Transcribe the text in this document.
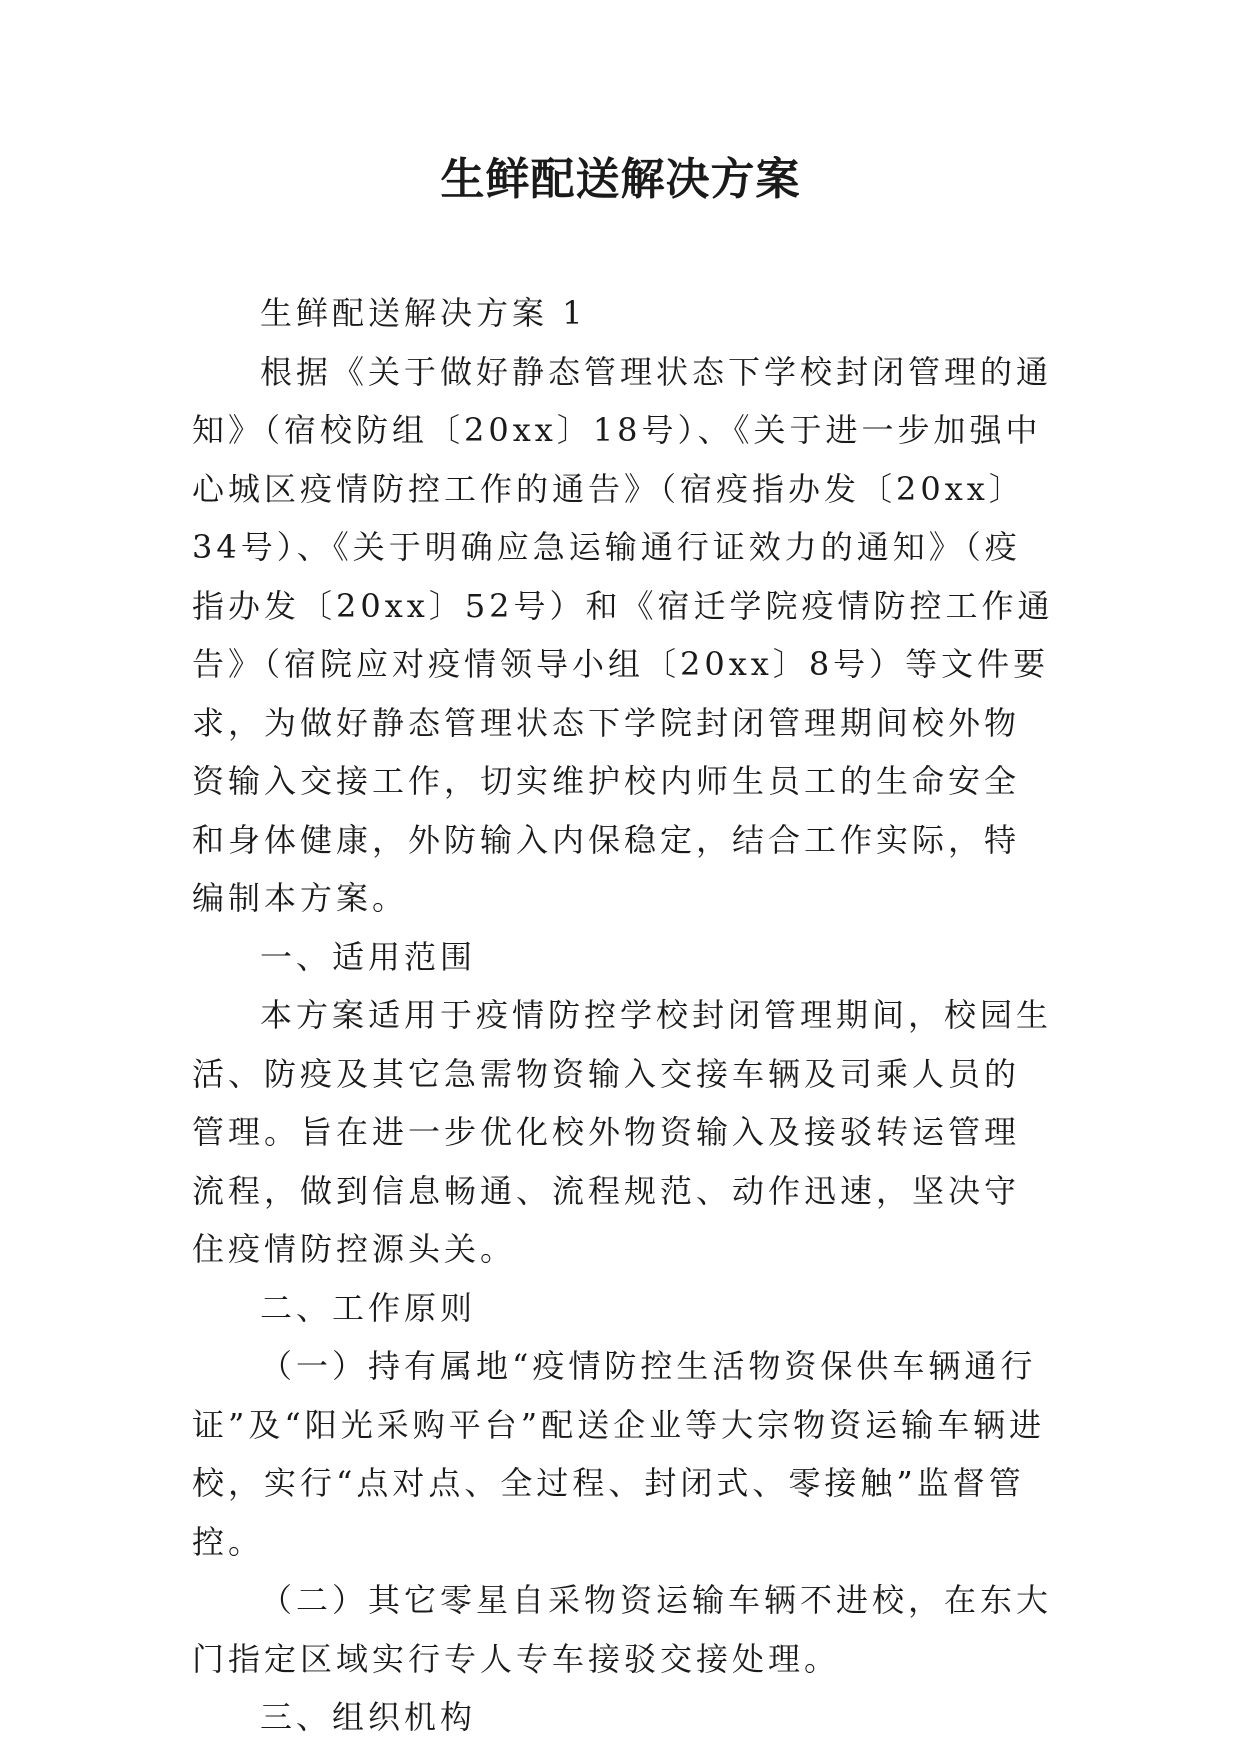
生鲜配送解决方案

生鲜配送解决方案 1

根据《关于做好静态管理状态下学校封闭管理的通知》（宿校防组〔20xx〕18号）、《关于进一步加强中心城区疫情防控工作的通告》（宿疫指办发〔20xx〕34号）、《关于明确应急运输通行证效力的通知》（疫指办发〔20xx〕52号）和《宿迁学院疫情防控工作通告》（宿院应对疫情领导小组〔20xx〕8号）等文件要求，为做好静态管理状态下学院封闭管理期间校外物资输入交接工作，切实维护校内师生员工的生命安全和身体健康，外防输入内保稳定，结合工作实际，特编制本方案。

一、适用范围

本方案适用于疫情防控学校封闭管理期间，校园生活、防疫及其它急需物资输入交接车辆及司乘人员的管理。旨在进一步优化校外物资输入及接驳转运管理流程，做到信息畅通、流程规范、动作迅速，坚决守住疫情防控源头关。

二、工作原则

（一）持有属地“疫情防控生活物资保供车辆通行证”及“阳光采购平台”配送企业等大宗物资运输车辆进校，实行“点对点、全过程、封闭式、零接触”监督管控。

（二）其它零星自采物资运输车辆不进校，在东大门指定区域实行专人专车接驳交接处理。

三、组织机构
